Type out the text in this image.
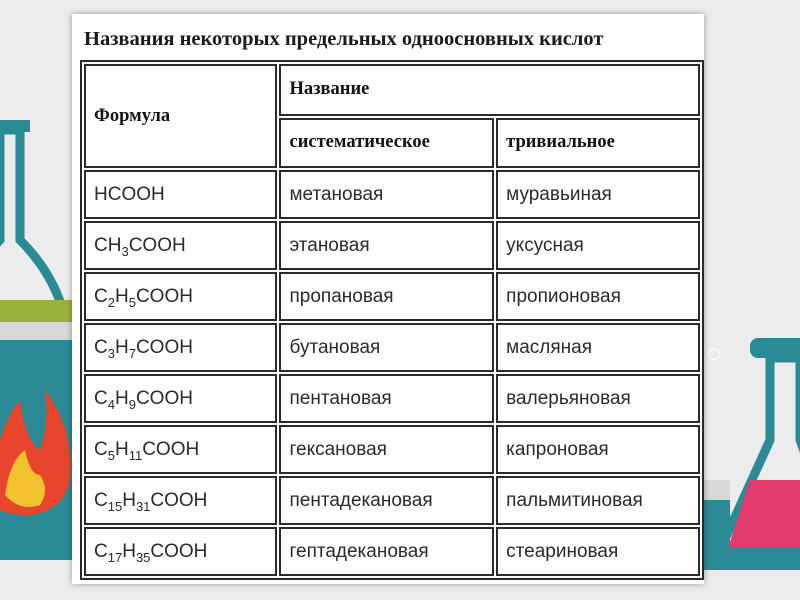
Названия некоторых предельных одноосновных кислот
Формула	Название	
	систематическое	тривиальное
HCOOH	метановая	муравьиная
$CH_3COOH$	этановая	уксусная
$C_2H_5COOH$	пропановая	пропионовая
$C_3H_7COOH$	бутановая	масляная
$C_4H_9COOH$	пентановая	валерьяновая
$C_5H_{11}COOH$	гексановая	капроновая
$C_{15}H_{31}COOH$	пентадекановая	пальмитиновая
$C_{17}H_{35}COOH$	гептадекановая	стеариновая
